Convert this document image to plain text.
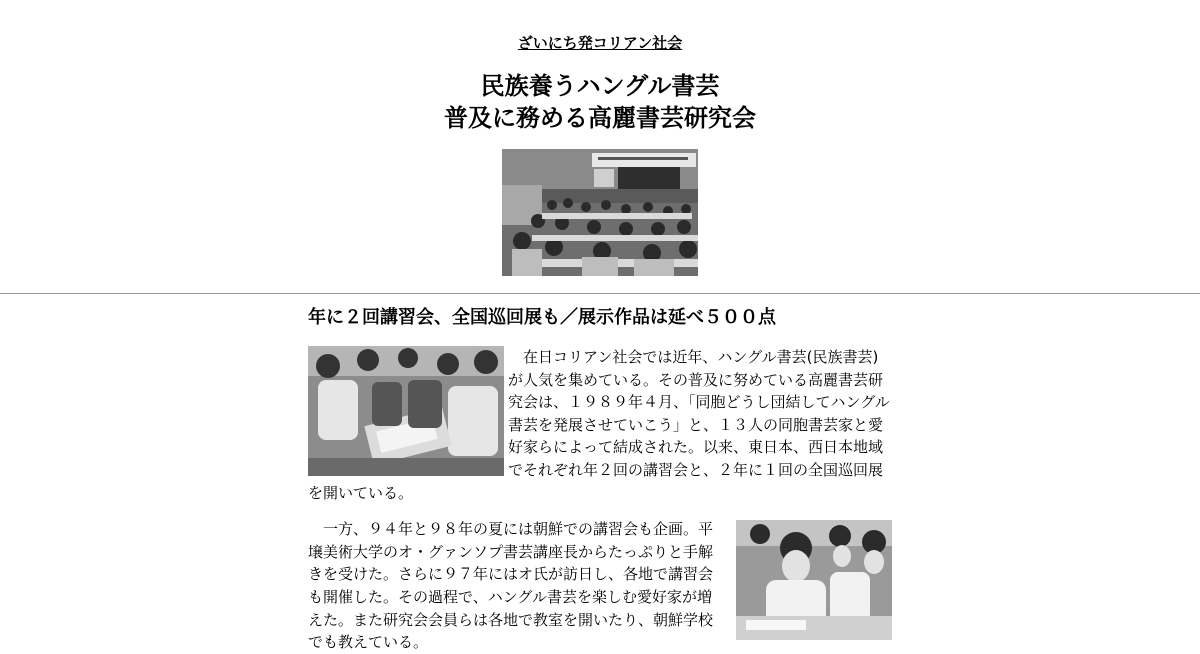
ざいにち発コリアン社会
民族養うハングル書芸
普及に務める高麗書芸研究会
年に２回講習会、全国巡回展も／展示作品は延べ５００点

在日コリアン社会では近年、ハングル書芸(民族書芸)が人気を集めている。その普及に努めている高麗書芸研究会は、１９８９年４月、「同胞どうし団結してハングル書芸を発展させていこう」と、１３人の同胞書芸家と愛好家らによって結成された。以来、東日本、西日本地域でそれぞれ年２回の講習会と、２年に１回の全国巡回展を開いている。

一方、９４年と９８年の夏には朝鮮での講習会も企画。平壌美術大学のオ・グァンソプ書芸講座長からたっぷりと手解きを受けた。さらに９７年にはオ氏が訪日し、各地で講習会も開催した。その過程で、ハングル書芸を楽しむ愛好家が増えた。また研究会会員らは各地で教室を開いたり、朝鮮学校でも教えている。
